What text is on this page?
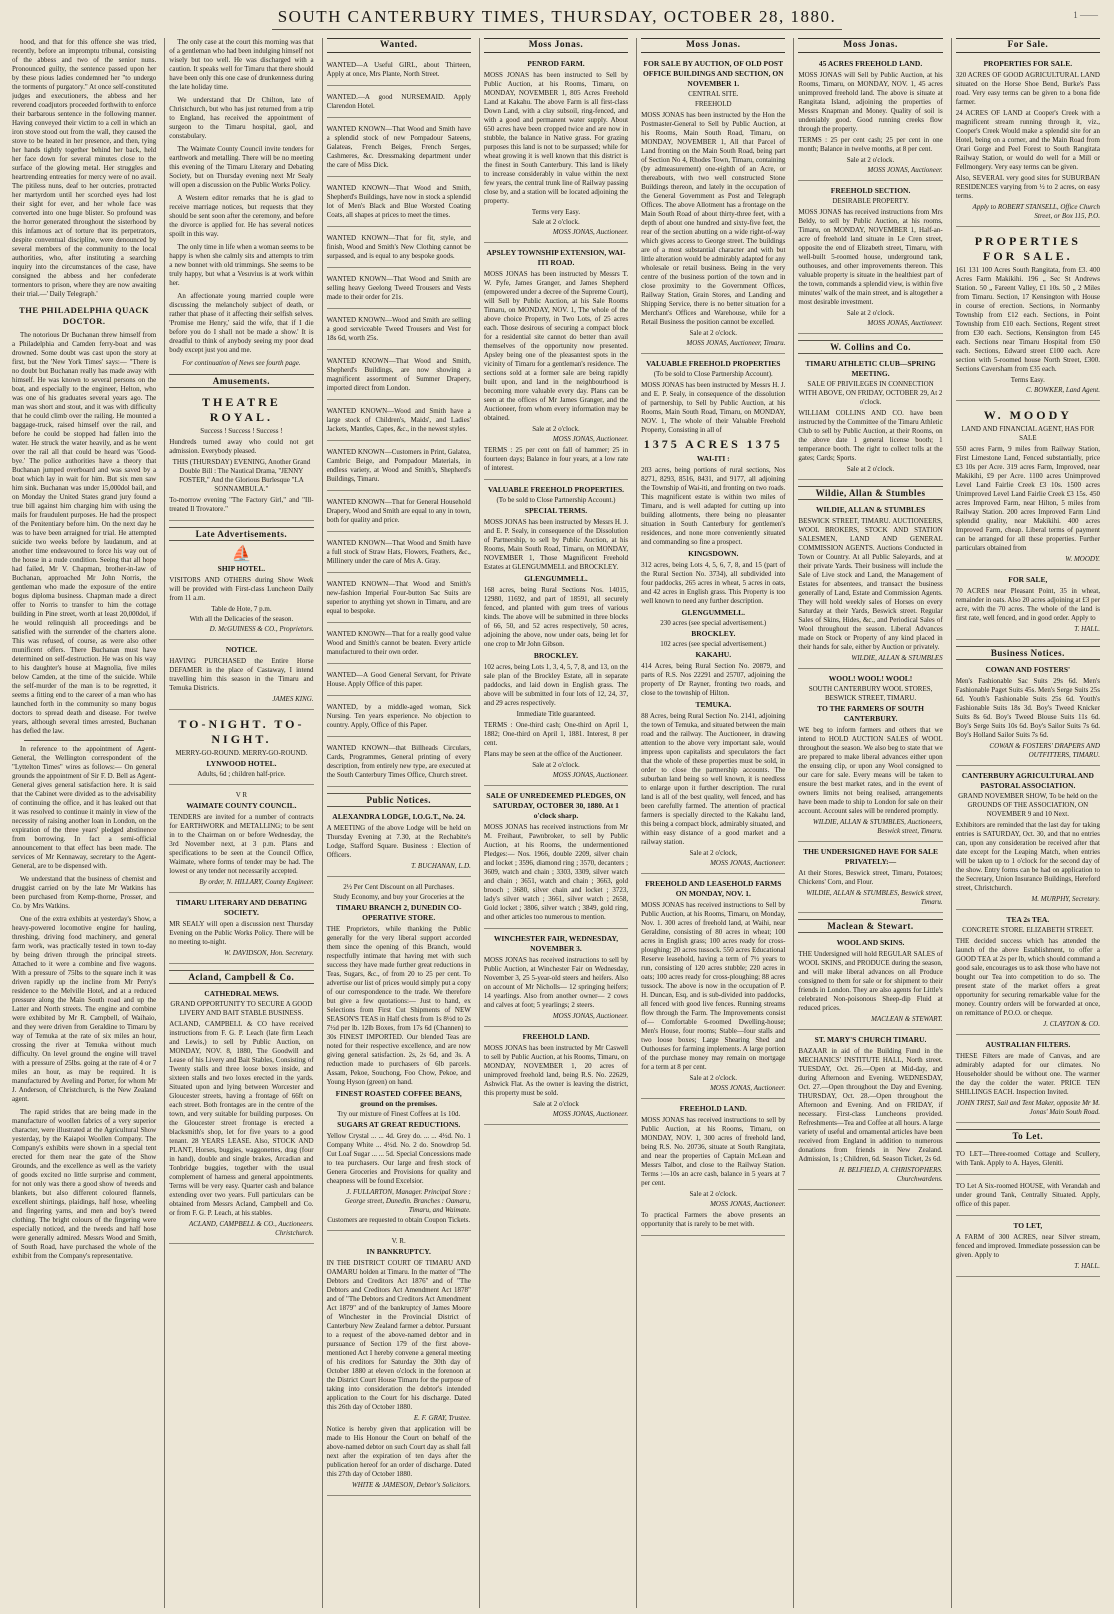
SOUTH CANTERBURY TIMES, THURSDAY, OCTOBER 28, 1880.	1 ——

hood, and that for this offence she was tried, recently, before an impromptu tribunal, consisting of the abbess and two of the senior nuns. Pronounced guilty, the sentence passed upon her by these pious ladies condemned her "to undergo the torments of purgatory." At once self-constituted judges and executioners, the abbess and her reverend coadjutors proceeded forthwith to enforce their barbarous sentence in the following manner. Having conveyed their victim to a cell in which an iron stove stood out from the wall, they caused the stove to be heated in her presence, and then, tying her hands tightly together behind her back, held her face down for several minutes close to the surface of the glowing metal. Her struggles and heartrending entreaties for mercy were of no avail. The pitiless nuns, deaf to her outcries, protracted her martyrdom until her scorched eyes had lost their sight for ever, and her whole face was converted into one huge blister. So profound was the horror generated throughout the sisterhood by this infamous act of torture that its perpetrators, despite conventual discipline, were denounced by several members of the community to the local authorities, who, after instituting a searching inquiry into the circumstances of the case, have consigned the abbess and her confederate tormentors to prison, where they are now awaiting their trial.—' Daily Telegraph.'

THE PHILADELPHIA QUACK DOCTOR.

The notorious Dr Buchanan threw himself from a Philadelphia and Camden ferry-boat and was drowned. Some doubt was cast upon the story at first, but the 'New York Times' says:— "There is no doubt but Buchanan really has made away with himself. He was known to several persons on the boat, and especially to the engineer, Helton, who was one of his graduates several years ago. The man was short and stout, and it was with difficulty that he could climb over the railing. He mounted a baggage-truck, raised himself over the rail, and before he could be stopped had fallen into the water. He struck the water heavily, and as he went over the rail all that could be heard was 'Good-bye.' The police authorities have a theory that Buchanan jumped overboard and was saved by a boat which lay in wait for him. But six men saw him sink. Buchanan was under 15,000dol bail, and on Monday the United States grand jury found a true bill against him charging him with using the mails for fraudulent purposes. He had the prospect of the Penitentiary before him. On the next day he was to have been arraigned for trial. He attempted suicide two weeks before by laudanum, and at another time endeavoured to force his way out of the house in a nude condition. Seeing that all hope had failed, Mr V. Chapman, brother-in-law of Buchanan, approached Mr John Norris, the gentleman who made the exposure of the entire bogus diploma business. Chapman made a direct offer to Norris to transfer to him the cottage building in Pine street, worth at least 20,000dol, if he would relinquish all proceedings and be satisfied with the surrender of the charters alone. This was refused, of course, as were also other munificent offers. There Buchanan must have determined on self-destruction. He was on his way to his daughter's house at Magnolia, five miles below Camden, at the time of the suicide. While the self-murder of the man is to be regretted, it seems a fitting end to the career of a man who has launched forth in the community so many bogus doctors to spread death and disease. For twelve years, although several times arrested, Buchanan has defied the law.

In reference to the appointment of Agent-General, the Wellington correspondent of the "Lyttelton Times" wires as follows:— On general grounds the appointment of Sir F. D. Bell as Agent-General gives general satisfaction here. It is said that the Cabinet were divided as to the advisability of continuing the office, and it has leaked out that it was resolved to continue it mainly in view of the necessity of raising another loan in London, on the expiration of the three years' pledged abstinence from borrowing. In fact a semi-official announcement to that effect has been made. The services of Mr Kennaway, secretary to the Agent-General, are to be dispensed with.

We understand that the business of chemist and druggist carried on by the late Mr Watkins has been purchased from Kemp-thorne, Prosser, and Co. by Mrs Watkins.

One of the extra exhibits at yesterday's Show, a heavy-powered locomotive engine for hauling, threshing, driving food machinery, and general farm work, was practically tested in town to-day by being driven through the principal streets. Attached to it were a combine and five wagons. With a pressure of 75lbs to the square inch it was driven rapidly up the incline from Mr Perry's residence to the Melville Hotel, and at a reduced pressure along the Main South road and up the Latter and North streets. The engine and combine were exhibited by Mr R. Campbell, of Waihaio, and they were driven from Geraldine to Timaru by way of Temuka at the rate of six miles an hour, crossing the river at Temuka without much difficulty. On level ground the engine will travel with a pressure of 25lbs. going at the rate of 4 or 7 miles an hour, as may be required. It is manufactured by Aveling and Porter, for whom Mr J. Anderson, of Christchurch, is the New Zealand agent.

The rapid strides that are being made in the manufacture of woollen fabrics of a very superior character, were illustrated at the Agricultural Show yesterday, by the Kaiapoi Woollen Company. The Company's exhibits were shown in a special tent erected for them near the gate of the Show Grounds, and the excellence as well as the variety of goods excited no little surprise and comment, for not only was there a good show of tweeds and blankets, but also different coloured flannels, excellent shirtings, plaidings, half hose, wheeling and fingering yarns, and men and boy's tweed clothing. The bright colours of the fingering were especially noticed, and the tweeds and half hose were generally admired. Messrs Wood and Smith, of South Road, have purchased the whole of the exhibit from the Company's representative.

The only case at the court this morning was that of a gentleman who had been indulging himself not wisely but too well. He was discharged with a caution. It speaks well for Timaru that there should have been only this one case of drunkenness during the late holiday time.

We understand that Dr Chilton, late of Christchurch, but who has just returned from a trip to England, has received the appointment of surgeon to the Timaru hospital, gaol, and constabulary.

The Waimate County Council invite tenders for earthwork and metalling. There will be no meeting this evening of the Timaru Literary and Debating Society, but on Thursday evening next Mr Sealy will open a discussion on the Public Works Policy.

A Western editor remarks that he is glad to receive marriage notices, but requests that they should be sent soon after the ceremony, and before the divorce is applied for. He has several notices spoilt in this way.

The only time in life when a woman seems to be happy is when she calmly sits and attempts to trim a new bonnet with old trimmings. She seems to be truly happy, but what a Vesuvius is at work within her.

An affectionate young married couple were discussing the melancholy subject of death, or rather that phase of it affecting their selfish selves. 'Promise me Henry,' said the wife, that if I die before you do I shall not be made a show.' It is dreadful to think of anybody seeing my poor dead body except just you and me.

For continuation of News see fourth page.
Amusements.
THEATRE ROYAL.
Success ! Success ! Success !
Hundreds turned away who could not get admission. Everybody pleased.
THIS (THURSDAY) EVENING, Another Grand Double Bill : The Nautical Drama, "JENNY FOSTER," And the Glorious Burlesque "LA SONNAMBULA."
To-morrow evening "The Factory Girl," and "Ill-treated Il Trovatore."
Late Advertisements.
⛵
SHIP HOTEL.
VISITORS AND OTHERS during Show Week will be provided with First-class Luncheon Daily from 11 a.m.
Table de Hote, 7 p.m.
With all the Delicacies of the season.
D. McGUINESS & CO., Proprietors.
NOTICE.
HAVING PURCHASED the Entire Horse DEFAMER in the place of Castaway, I intend travelling him this season in the Timaru and Temuka Districts.
JAMES KING.
TO-NIGHT. TO-NIGHT.
MERRY-GO-ROUND. MERRY-GO-ROUND.
LYNWOOD HOTEL.
Adults, 6d ; children half-price.
V R
WAIMATE COUNTY COUNCIL.
TENDERS are invited for a number of contracts for EARTHWORK and METALLING; to be sent in to the Chairman on or before Wednesday, the 3rd November next, at 3 p.m. Plans and specifications to be seen at the Council Office, Waimate, where forms of tender may be had. The lowest or any tender not necessarily accepted.
By order, N. HILLARY, County Engineer.
TIMARU LITERARY AND DEBATING SOCIETY.
MR SEALY will open a discussion next Thursday Evening on the Public Works Policy. There will be no meeting to-night.
W. DAVIDSON, Hon. Secretary.
Acland, Campbell & Co.
CATHEDRAL MEWS.
GRAND OPPORTUNITY TO SECURE A GOOD LIVERY AND BAIT STABLE BUSINESS.
ACLAND, CAMPBELL & CO have received instructions from F. G. P. Leach (late firm Leach and Lewis,) to sell by Public Auction, on MONDAY, NOV. 8, 1880, The Goodwill and Lease of his Livery and Bait Stables, Consisting of Twenty stalls and three loose boxes inside, and sixteen stalls and two loxes erected in the yards. Situated upon and lying between Worcester and Gloucester streets, having a frontage of 66ft on each street. Both frontages are in the centre of the town, and very suitable for building purposes. On the Gloucester street frontage is erected a blacksmith's shop, let for five years to a good tenant. 28 YEARS LEASE. Also, STOCK AND PLANT, Horses, buggies, waggonettes, drag (four in hand), double and single brakes, Arcadian and Tonbridge buggies, together with the usual complement of harness and general appointments. Terms will be very easy. Quarter cash and balance extending over two years. Full particulars can be obtained from Messrs Acland, Campbell and Co. or from F. G. P. Leach, at his stables.
ACLAND, CAMPBELL & CO., Auctioneers. Christchurch.
Wanted.
WANTED—A Useful GIRL, about Thirteen, Apply at once, Mrs Plante, North Street.
WANTED.—A good NURSEMAID. Apply Clarendon Hotel.
WANTED KNOWN—That Wood and Smith have a splendid stock of new Pompadour Sateens, Galateas, French Beiges, French Serges, Cashmeres, &c. Dressmaking department under the care of Miss Dick.
WANTED KNOWN—That Wood and Smith, Shepherd's Buildings, have now in stock a splendid lot of Men's Black and Blue Worsted Coating Coats, all shapes at prices to meet the times.
WANTED KNOWN—That for fit, style, and finish, Wood and Smith's New Clothing cannot be surpassed, and is equal to any bespoke goods.
WANTED KNOWN—That Wood and Smith are selling heavy Geelong Tweed Trousers and Vests made to their order for 21s.
WANTED KNOWN—Wood and Smith are selling a good serviceable Tweed Trousers and Vest for 18s 6d, worth 25s.
WANTED KNOWN—That Wood and Smith, Shepherd's Buildings, are now showing a magnificent assortment of Summer Drapery, imported direct from London.
WANTED KNOWN—Wood and Smith have a large stock of Children's, Maids', and Ladies' Jackets, Mantles, Capes, &c., in the newest styles.
WANTED KNOWN—Customers in Print, Galatea, Cambric Beige, and Pompadour Materials, in endless variety, at Wood and Smith's, Shepherd's Buildings, Timaru.
WANTED KNOWN—That for General Household Drapery, Wood and Smith are equal to any in town, both for quality and price.
WANTED KNOWN—That Wood and Smith have a full stock of Straw Hats, Flowers, Feathers, &c., Millinery under the care of Mrs A. Gray.
WANTED KNOWN—That Wood and Smith's new-fashion Imperial Four-button Sac Suits are superior to anything yet shown in Timaru, and are equal to bespoke.
WANTED KNOWN—That for a really good value Wood and Smith's cannot be beaten. Every article manufactured to their own order.
WANTED—A Good General Servant, for Private House. Apply Office of this paper.
WANTED, by a middle-aged woman, Sick Nursing. Ten years experience. No objection to country. Apply, Office of this Paper.
WANTED KNOWN—that Billheads Circulars, Cards, Programmes, General printing of every description, from entirely new type, are executed at the South Canterbury Times Office, Church street.
Public Notices.
ALEXANDRA LODGE, I.O.G.T., No. 24.
A MEETING of the above Lodge will be held on Thursday Evening at 7.30, at the Rechabite's Lodge, Stafford Square. Business : Election of Officers.
T. BUCHANAN, L.D.
2½ Per Cent Discount on all Purchases.
Study Economy, and buy your Groceries at the
TIMARU BRANCH 2, DUNEDIN CO-OPERATIVE STORE.
THE Proprietors, while thanking the Public generally for the very liberal support accorded them since the opening of this Branch, would respectfully intimate that having met with such success they have made further great reductions in Teas, Sugars, &c., of from 20 to 25 per cent. To advertise our list of prices would simply put a copy of our correspondence to the trade. We therefore but give a few quotations:— Just to hand, ex Selections from First Cut Shipments of NEW SEASON'S TEAS in Half chests from 1s 8½d to 2s 7½d per lb. 12lb Boxes, from 17s 6d (Channen) to 30s FINEST IMPORTED. Our blended Teas are noted for their respective excellence, and are now giving general satisfaction. 2s, 2s 6d, and 3s. A reduction made to purchasers of 6lb parcels. Assam, Pekoe, Souchong, Foo Chow, Pekoe, and Young Hyson (green) on hand.
FINEST ROASTED COFFEE BEANS, ground on the premises.
Try our mixture of Finest Coffees at 1s 10d.
SUGARS AT GREAT REDUCTIONS.
Yellow Crystal ... ... 4d. Grey do. ... ... 4½d. No. 1 Company White ... 4½d. No. 2 do. Snowdrop 5d. Cut Loaf Sugar ... ... 5d. Special Concessions made to tea purchasers. Our large and fresh stock of Genera Groceries and Provisions for quality and cheapness will be found Excelsior.
J. FULLARTON, Manager. Principal Store : George street, Dunedin. Branches : Oamaru, Timaru, and Waimate.
Customers are requested to obtain Coupon Tickets.
V. R.
IN BANKRUPTCY.
IN THE DISTRICT COURT OF TIMARU AND OAMARU holden at Timaru. In the matter of "The Debtors and Creditors Act 1876" and of "The Debtors and Creditors Act Amendment Act 1878" and of "The Debtors and Creditors Act Amendment Act 1879" and of the bankruptcy of James Moore of Winchester in the Provincial District of Canterbury New Zealand farmer a debtor. Pursuant to a request of the above-named debtor and in pursuance of Section 179 of the first above-mentioned Act I hereby convene a general meeting of his creditors for Saturday the 30th day of October 1880 at eleven o'clock in the forenoon at the District Court House Timaru for the purpose of taking into consideration the debtor's intended application to the Court for his discharge. Dated this 26th day of October 1880.
E. F. GRAY, Trustee.
Notice is hereby given that application will be made to His Honour the Court on behalf of the above-named debtor on such Court day as shall fall next after the expiration of ten days after the publication hereof for an order of discharge. Dated this 27th day of October 1880.
WHITE & JAMESON, Debtor's Solicitors.
Moss Jonas.
PENROD FARM.
MOSS JONAS has been instructed to Sell by Public Auction, at his Rooms, Timaru, on MONDAY, NOVEMBER 1, 805 Acres Freehold Land at Kakahu. The above Farm is all first-class Down Land, with a clay subsoil, ring-fenced, and with a good and permanent water supply. About 650 acres have been cropped twice and are now in stubble, the balance in Native grass. For grazing purposes this land is not to be surpassed; while for wheat growing it is well known that this district is the finest in South Canterbury. This land is likely to increase considerably in value within the next few years, the central trunk line of Railway passing close by, and a station will be located adjoining the property.
Terms very Easy.
Sale at 2 o'clock.
MOSS JONAS, Auctioneer.
APSLEY TOWNSHIP EXTENSION, WAI-ITI ROAD.
MOSS JONAS has been instructed by Messrs T. W. Pyfe, James Granger, and James Shepherd (empowered under a decree of the Supreme Court), will Sell by Public Auction, at his Sale Rooms Timaru, on MONDAY, NOV. 1, The whole of the above choice Property, in Two Lots, of 25 acres each. Those desirous of securing a compact block for a residential site cannot do better than avail themselves of the opportunity now presented. Apsley being one of the pleasantest spots in the vicinity of Timaru for a gentleman's residence. The sections sold at a former sale are being rapidly built upon, and land in the neighbourhood is becoming more valuable every day. Plans can be seen at the offices of Mr James Granger, and the Auctioneer, from whom every information may be obtained.
Sale at 2 o'clock.
MOSS JONAS, Auctioneer.
TERMS : 25 per cent on fall of hammer; 25 in fourteen days; Balance in four years, at a low rate of interest.
VALUABLE FREEHOLD PROPERTIES.
(To be sold to Close Partnership Account.)
SPECIAL TERMS.
MOSS JONAS has been instructed by Messrs H. J. and E. P. Sealy, in consequence of the Dissolution of Partnership, to sell by Public Auction, at his Rooms, Main South Road, Timaru, on MONDAY, NOVEMBER 1, Those Magnificent Freehold Estates at GLENGUMMELL and BROCKLEY.
GLENGUMMELL.
168 acres, being Rural Sections Nos. 14015, 12980, 11692, and part of 18591, all securely fenced, and planted with gum trees of various kinds. The above will be submitted in three blocks of 66, 50, and 52 acres respectively, 50 acres, adjoining the above, now under oats, being let for one crop to Mr John Gibson.
BROCKLEY.
102 acres, being Lots 1, 3, 4, 5, 7, 8, and 13, on the sale plan of the Brockley Estate, all in separate paddocks, and laid down in English grass. The above will be submitted in four lots of 12, 24, 37, and 29 acres respectively.
Immediate Title guaranteed.
TERMS : One-third cash; One-third on April 1, 1882; One-third on April 1, 1881. Interest, 8 per cent.
Plans may be seen at the office of the Auctioneer.
Sale at 2 o'clock.
MOSS JONAS, Auctioneer.
SALE OF UNREDEEMED PLEDGES, ON SATURDAY, OCTOBER 30, 1880. At 1 o'clock sharp.
MOSS JONAS has received instructions from Mr M. Freihaut, Pawnbroker, to sell by Public Auction, at his Rooms, the undermentioned Pledges:— Nos. 1966, double 2209, silver chain and locket ; 3596, diamond ring ; 3570, decanters ; 3609, watch and chain ; 3303, 3309, silver watch and chain ; 3651, watch and chain ; 3663, gold brooch ; 3680, silver chain and locket ; 3723, lady's silver watch ; 3661, silver watch ; 2658, Gold locket ; 3806, silver watch ; 3849, gold ring, and other articles too numerous to mention.
WINCHESTER FAIR, WEDNESDAY, NOVEMBER 3.
MOSS JONAS has received instructions to sell by Public Auction, at Winchester Fair on Wednesday, November 3, 25 5-year-old steers and heifers. Also on account of Mr Nicholls— 12 springing heifers; 14 yearlings. Also from another owner— 2 cows and calves at foot; 5 yearlings; 2 steers.
MOSS JONAS, Auctioneer.
FREEHOLD LAND.
MOSS JONAS has been instructed by Mr Caswell to sell by Public Auction, at his Rooms, Timaru, on MONDAY, NOVEMBER 1, 20 acres of unimproved freehold land, being R.S. No. 22629, Ashwick Flat. As the owner is leaving the district, this property must be sold.
Sale at 2 o'clock
MOSS JONAS, Auctioneer.
Moss Jonas.
FOR SALE BY AUCTION, OF OLD POST OFFICE BUILDINGS AND SECTION, ON NOVEMBER 1.
CENTRAL SITE.
FREEHOLD
MOSS JONAS has been instructed by the Hon the Postmaster-General to Sell by Public Auction, at his Rooms, Main South Road, Timaru, on MONDAY, NOVEMBER 1, All that Parcel of Land fronting on the Main South Road, being part of Section No 4, Rhodes Town, Timaru, containing (by admeasurement) one-eighth of an Acre, or thereabouts, with two well constructed Stone Buildings thereon, and lately in the occupation of the General Government as Post and Telegraph Offices. The above Allotment has a frontage on the Main South Road of about thirty-three feet, with a depth of about one hundred and sixty-five feet, the rear of the section abutting on a wide right-of-way which gives access to George street. The buildings are of a most substantial character and with but little alteration would be admirably adapted for any wholesale or retail business. Being in the very centre of the business portion of the town and in close proximity to the Government Offices, Railway Station, Grain Stores, and Landing and Shipping Service, there is no better situation for a Merchant's Offices and Warehouse, while for a Retail Business the position cannot be excelled.
Sale at 2 o'clock.
MOSS JONAS, Auctioneer, Timaru.
VALUABLE FREEHOLD PROPERTIES
(To be sold to Close Partnership Account).
MOSS JONAS has been instructed by Messrs H. J. and E. P. Sealy, in consequence of the dissolution of partnership, to Sell by Public Auction, at his Rooms, Main South Road, Timaru, on MONDAY, NOV. 1, The whole of their Valuable Freehold Property, Consisting in all of
1375 ACRES 1375
WAI-ITI :
203 acres, being portions of rural sections, Nos 8271, 8293, 8516, 8431, and 9177, all adjoining the Township of Wai-iti, and fronting on two roads. This magnificent estate is within two miles of Timaru, and is well adapted for cutting up into building allotments, there being no pleasanter situation in South Canterbury for gentlemen's residences, and none more conveniently situated and commanding so fine a prospect.
KINGSDOWN.
312 acres, being Lots 4, 5, 6, 7, 8, and 15 (part of the Rural Section No. 3734), all subdivided into four paddocks, 265 acres in wheat, 5 acres in oats, and 42 acres in English grass. This Property is too well known to need any further description.
GLENGUMMELL.
230 acres (see special advertisement.)
BROCKLEY.
102 acres (see special advertisement.)
KAKAHU.
414 Acres, being Rural Section No. 20879, and parts of R.S. Nos 22291 and 25707, adjoining the property of Dr Rayner, fronting two roads, and close to the township of Hilton.
TEMUKA.
88 Acres, being Rural Section No. 2141, adjoining the town of Temuka, and situated between the main road and the railway. The Auctioneer, in drawing attention to the above very important sale, would impress upon capitalists and speculators the fact that the whole of these properties must be sold, in order to close the partnership accounts. The suburban land being so well known, it is needless to enlarge upon it further description. The rural land is all of the best quality, well fenced, and has been carefully farmed. The attention of practical farmers is specially directed to the Kakahu land, this being a compact block, admirably situated, and within easy distance of a good market and a railway station.
Sale at 2 o'clock,
MOSS JONAS, Auctioneer.
FREEHOLD AND LEASEHOLD FARMS ON MONDAY, NOV. 1.
MOSS JONAS has received instructions to Sell by Public Auction, at his Rooms, Timaru, on Monday, Nov. 1. 300 acres of freehold land, at Waihi, near Geraldine, consisting of 80 acres in wheat; 100 acres in English grass; 100 acres ready for cross-ploughing; 20 acres tussock. 550 acres Educational Reserve leasehold, having a term of 7½ years to run, consisting of 120 acres stubble; 220 acres in oats; 100 acres ready for cross-ploughing; 88 acres tussock. The above is now in the occupation of P. H. Duncan, Esq, and is sub-divided into paddocks, all fenced with good live fences. Running streams flow through the Farm. The Improvements consist of— Comfortable 6-roomed Dwelling-house; Men's House, four rooms; Stable—four stalls and two loose boxes; Large Shearing Shed and Outhouses for farming implements. A large portion of the purchase money may remain on mortgage for a term at 8 per cent.
Sale at 2 o'clock.
MOSS JONAS, Auctioneer.
FREEHOLD LAND.
MOSS JONAS has received instructions to sell by Public Auction, at his Rooms, Timaru, on MONDAY, NOV. 1, 300 acres of freehold land, being R.S. No. 20736, situate at South Rangitata, and near the properties of Captain McLean and Messrs Talbot, and close to the Railway Station. Terms :—10s an acre cash, balance in 5 years at 7 per cent.
Sale at 2 o'clock.
MOSS JONAS, Auctioneer.
To practical Farmers the above presents an opportunity that is rarely to be met with.
Moss Jonas.
45 ACRES FREEHOLD LAND.
MOSS JONAS will Sell by Public Auction, at his Rooms, Timaru, on MONDAY, NOV. 1, 45 acres unimproved freehold land. The above is situate at Rangitata Island, adjoining the properties of Messrs Knapman and Money. Quality of soil is undeniably good. Good running creeks flow through the property.
TERMS : 25 per cent cash; 25 per cent in one month; Balance in twelve months, at 8 per cent.
Sale at 2 o'clock.
MOSS JONAS, Auctioneer.
FREEHOLD SECTION.
DESIRABLE PROPERTY.
MOSS JONAS has received instructions from Mrs Beldy, to sell by Public Auction, at his rooms, Timaru, on MONDAY, NOVEMBER 1, Half-an-acre of freehold land situate in Le Cren street, opposite the end of Elizabeth street, Timaru, with well-built 5-roomed house, underground tank, outhouses, and other improvements thereon. This valuable property is situate in the healthiest part of the town, commands a splendid view, is within five minutes' walk of the main street, and is altogether a most desirable investment.
Sale at 2 o'clock.
MOSS JONAS, Auctioneer.
W. Collins and Co.
TIMARU ATHLETIC CLUB—SPRING MEETING.
SALE OF PRIVILEGES IN CONNECTION WITH ABOVE, ON FRIDAY, OCTOBER 29, At 2 o'clock.
WILLIAM COLLINS AND CO. have been instructed by the Committee of the Timaru Athletic Club to sell by Public Auction, at their Rooms, on the above date 1 general license booth; 1 temperance booth. The right to collect tolls at the gates; Cards; Sports.
Sale at 2 o'clock.
Wildie, Allan & Stumbles
WILDIE, ALLAN & STUMBLES
BESWICK STREET, TIMARU. AUCTIONEERS, WOOL BROKERS, STOCK AND STATION SALESMEN, LAND AND GENERAL COMMISSION AGENTS. Auctions Conducted in Town or Country. At all Public Saleyards, and at their private Yards. Their business will include the Sale of Live stock and Land, the Management of Estates for absentees, and transact the business generally of Land, Estate and Commission Agents. They will hold weekly sales of Horses on every Saturday at their Yards, Beswick street. Regular Sales of Skins, Hides, &c., and Periodical Sales of Wool throughout the season. Liberal Advances made on Stock or Property of any kind placed in their hands for sale, either by Auction or privately.
WILDIE, ALLAN & STUMBLES
WOOL! WOOL! WOOL!
SOUTH CANTERBURY WOOL STORES, BESWICK STREET, TIMARU.
TO THE FARMERS OF SOUTH CANTERBURY.
WE beg to inform farmers and others that we intend to HOLD AUCTION SALES of WOOL throughout the season. We also beg to state that we are prepared to make liberal advances either upon the ensuing clip, or upon any Wool consigned to our care for sale. Every means will be taken to ensure the best market rates, and in the event of owners limits not being realised, arrangements have been made to ship to London for sale on their account. Account sales will be rendered promptly.
WILDIE, ALLAN & STUMBLES, Auctioneers, Beswick street, Timaru.
THE UNDERSIGNED HAVE FOR SALE PRIVATELY:—
At their Stores, Beswick street, Timaru, Potatoes; Chickens' Corn, and Flour.
WILDIE, ALLAN & STUMBLES, Beswick street, Timaru.
Maclean & Stewart.
WOOL AND SKINS.
THE Undersigned will hold REGULAR SALES of WOOL SKINS, and PRODUCE during the season, and will make liberal advances on all Produce consigned to them for sale or for shipment to their friends in London. They are also agents for Little's celebrated Non-poisonous Sheep-dip Fluid at reduced prices.
MACLEAN & STEWART.
ST. MARY'S CHURCH TIMARU.
BAZAAR in aid of the Building Fund in the MECHANICS' INSTITUTE HALL, North street. TUESDAY, Oct. 26.—Open at Mid-day, and during Afternoon and Evening. WEDNESDAY, Oct. 27.—Open throughout the Day and Evening. THURSDAY, Oct. 28.—Open throughout the Afternoon and Evening. And on FRIDAY, if necessary. First-class Luncheons provided. Refreshments—Tea and Coffee at all hours. A large variety of useful and ornamental articles have been received from England in addition to numerous donations from friends in New Zealand. Admission, 1s ; Children, 6d. Season Ticket, 2s 6d.
H. BELFIELD, A. CHRISTOPHERS. Churchwardens.
For Sale.
PROPERTIES FOR SALE.
320 ACRES OF GOOD AGRICULTURAL LAND situated on the Horse Shoe Bend, Burke's Pass road. Very easy terms can be given to a bona fide farmer.
24 ACRES OF LAND at Cooper's Creek with a magnificent stream running through it, viz., Cooper's Creek Would make a splendid site for an Hotel, being on a corner, and the Main Road from Orari Gorge and Peel Forest to South Rangitata Railway Station, or would do well for a Mill or Fellmongery. Very easy terms can be given.
Also, SEVERAL very good sites for SUBURBAN RESIDENCES varying from ½ to 2 acres, on easy terms.
Apply to ROBERT STANSELL, Office Church Street, or Box 115, P.O.
PROPERTIES FOR SALE.
161 131 100 Acres South Rangitata, from £3. 400 Acres Farm Makikihi. 196 „ Sec St Andrews Station. 50 „ Fareent Valley, £1 10s. 50 „ 2 Miles from Timaru. Section, 17 Kensington with House in course of erection. Sections, in Normanby Township from £12 each. Sections, in Point Township from £10 each. Sections, Regent street from £30 each. Sections, Kensington from £45 each. Sections near Timaru Hospital from £50 each. Sections, Edward street £100 each. Acre section with 5-roomed house North Street, £300. Sections Caversham from £35 each.
Terms Easy.
C. BOWKER, Land Agent.
W. MOODY
LAND AND FINANCIAL AGENT, HAS FOR SALE
550 acres Farm, 9 miles from Railway Station, First Limestone Land, Fenced substantially, price £3 10s per Acre. 319 acres Farm, Improved, near Makikihi, £9 per Acre. 1100 acres Unimproved Level Land Fairlie Creek £3 10s. 1500 acres Unimproved Level Land Fairlie Creek £3 15s. 450 acres Improved Farm, near Hilton, 5 miles from Railway Station. 200 acres Improved Farm Lind splendid quality, near Makikihi. 400 acres Improved Farm, cheap. Liberal terms of payment can be arranged for all these properties. Further particulars obtained from
W. MOODY.
FOR SALE,
70 ACRES near Pleasant Point, 35 in wheat, remainder in oats. Also 20 acres adjoining at £3 per acre, with the 70 acres. The whole of the land is first rate, well fenced, and in good order. Apply to
T. HALL.
Business Notices.
COWAN AND FOSTERS'
Men's Fashionable Sac Suits 29s 6d. Men's Fashionable Paget Suits 45s. Men's Serge Suits 25s 6d. Youth's Fashionable Suits 25s 6d. Youth's Fashionable Suits 18s 3d. Boy's Tweed Knicker Suits 8s 6d. Boy's Tweed Blouse Suits 11s 6d. Boy's Serge Suits 10s 6d. Boy's Sailor Suits 7s 6d. Boy's Holland Sailor Suits 7s 6d.
COWAN & FOSTERS' DRAPERS AND OUTFITTERS, TIMARU.
CANTERBURY AGRICULTURAL AND PASTORAL ASSOCIATION.
GRAND NOVEMBER SHOW, To be held on the GROUNDS OF THE ASSOCIATION, ON NOVEMBER 9 and 10 Next.
Exhibitors are reminded that the last day for taking entries is SATURDAY, Oct. 30, and that no entries can, upon any consideration be received after that date except for the Leaping Match, when entries will be taken up to 1 o'clock for the second day of the show. Entry forms can be had on application to the Secretary, Union Insurance Buildings, Hereford street, Christchurch.
M. MURPHY, Secretary.
TEA 2s TEA.
CONCRETE STORE. ELIZABETH STREET.
THE decided success which has attended the launch of the above Establishment, to offer a GOOD TEA at 2s per lb, which should command a good sale, encourages us to ask those who have not bought our Tea into competition to do so. The present state of the market offers a great opportunity for securing remarkable value for the money. Country orders will be forwarded at once, on remittance of P.O.O. or cheque.
J. CLAYTON & CO.
AUSTRALIAN FILTERS.
THESE Filters are made of Canvas, and are admirably adapted for our climates. No Householder should be without one. The warmer the day the colder the water. PRICE TEN SHILLINGS EACH. Inspection Invited.
JOHN TRIST, Sail and Tent Maker, opposite Mr M. Jonas' Main South Road.
To Let.
TO LET—Three-roomed Cottage and Scullery, with Tank. Apply to A. Hayes, Gleniti.
TO Let A Six-roomed HOUSE, with Verandah and under ground Tank, Centrally Situated. Apply, office of this paper.
TO LET,
A FARM of 300 ACRES, near Silver stream, fenced and improved. Immediate possession can be given. Apply to
T. HALL.
